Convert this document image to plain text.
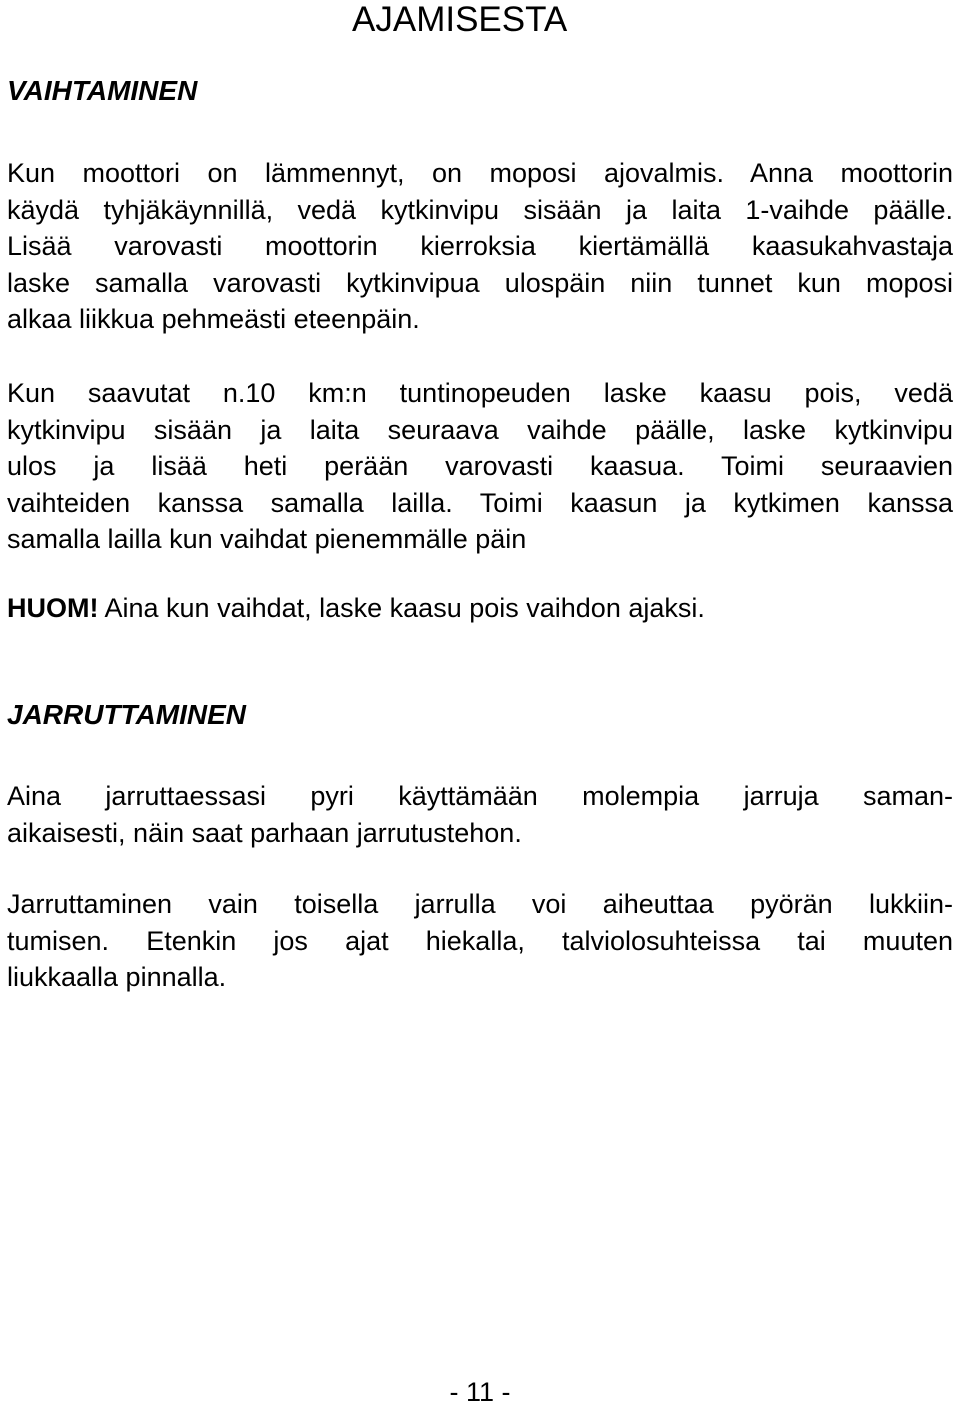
AJAMISESTA
VAIHTAMINEN

Kun moottori on lämmennyt, on moposi ajovalmis. Anna moottorin
käydä tyhjäkäynnillä, vedä kytkinvipu sisään ja laita 1-vaihde päälle.
Lisää varovasti moottorin kierroksia kiertämällä kaasukahvastaja
laske samalla varovasti kytkinvipua ulospäin niin tunnet kun moposi
alkaa liikkua pehmeästi eteenpäin.

Kun saavutat n.10 km:n tuntinopeuden laske kaasu pois, vedä
kytkinvipu sisään ja laita seuraava vaihde päälle, laske kytkinvipu
ulos ja lisää heti perään varovasti kaasua. Toimi seuraavien
vaihteiden kanssa samalla lailla. Toimi kaasun ja kytkimen kanssa
samalla lailla kun vaihdat pienemmälle päin

HUOM! Aina kun vaihdat, laske kaasu pois vaihdon ajaksi.

JARRUTTAMINEN

Aina jarruttaessasi pyri käyttämään molempia jarruja saman-
aikaisesti, näin saat parhaan jarrutustehon.

Jarruttaminen vain toisella jarrulla voi aiheuttaa pyörän lukkiin-
tumisen. Etenkin jos ajat hiekalla, talviolosuhteissa tai muuten
liukkaalla pinnalla.

- 11 -
